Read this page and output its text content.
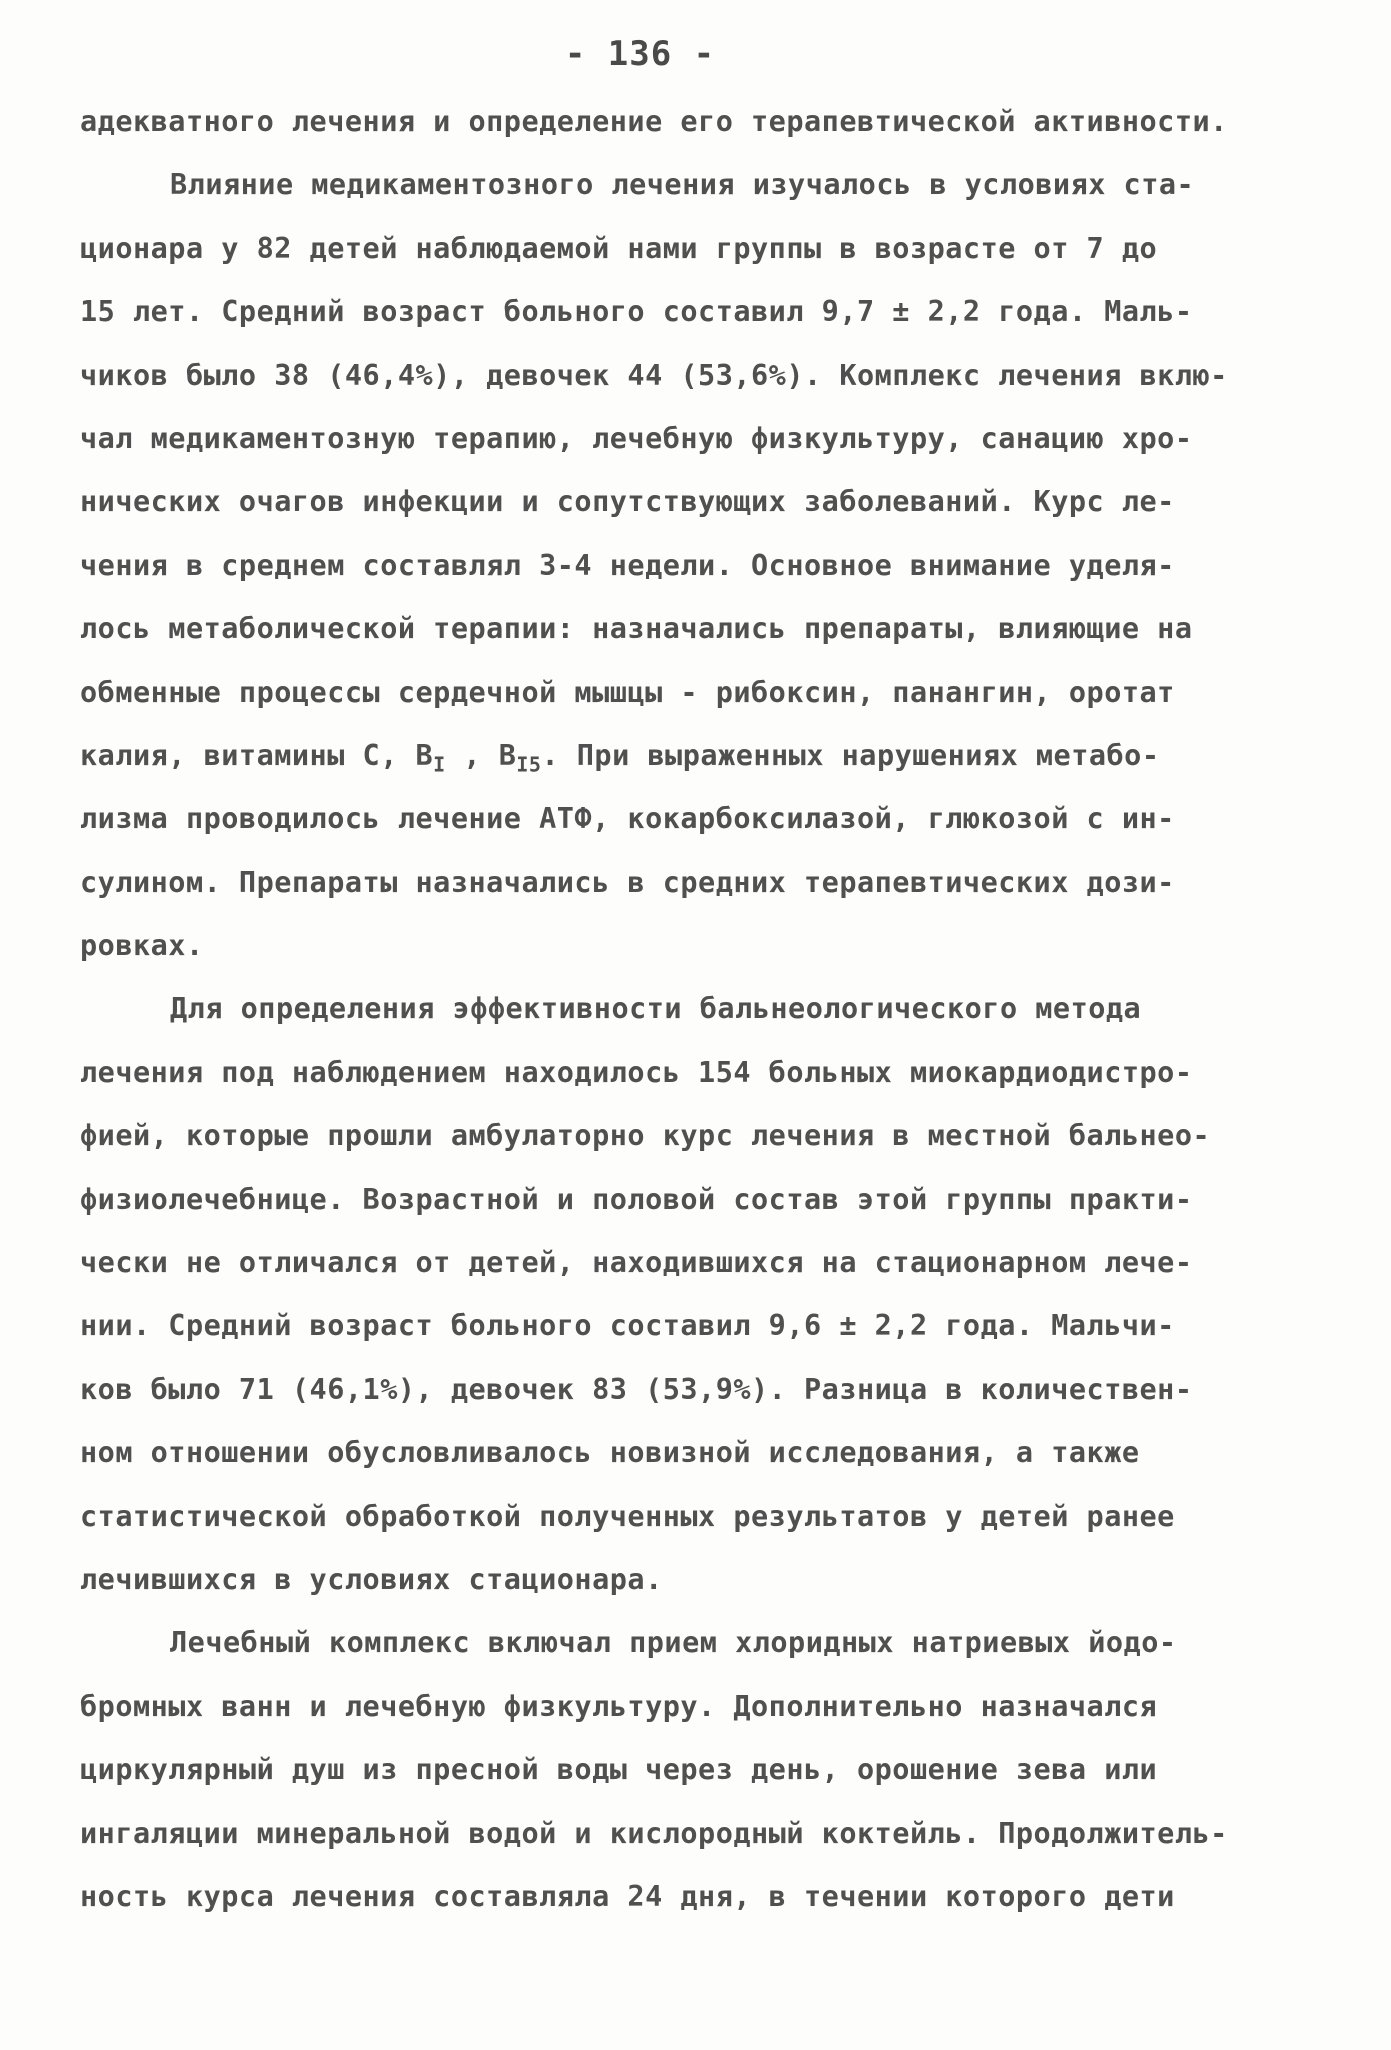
- 136 -
адекватного лечения и определение его терапевтической активности.
Влияние медикаментозного лечения изучалось в условиях ста-
ционара у 82 детей наблюдаемой нами группы в возрасте от 7 до
15 лет. Средний возраст больного составил 9,7 ± 2,2 года. Маль-
чиков было 38 (46,4%), девочек 44 (53,6%). Комплекс лечения вклю-
чал медикаментозную терапию, лечебную физкультуру, санацию хро-
нических очагов инфекции и сопутствующих заболеваний. Курс ле-
чения в среднем составлял 3-4 недели. Основное внимание уделя-
лось метаболической терапии: назначались препараты, влияющие на
обменные процессы сердечной мышцы - рибоксин, панангин, оротат
калия, витамины С, $B_I$ , $B_{I5}$. При выраженных нарушениях метабо-
лизма проводилось лечение АТФ, кокарбоксилазой, глюкозой с ин-
сулином. Препараты назначались в средних терапевтических дози-
ровках.
Для определения эффективности бальнеологического метода
лечения под наблюдением находилось 154 больных миокардиодистро-
фией, которые прошли амбулаторно курс лечения в местной бальнео-
физиолечебнице. Возрастной и половой состав этой группы практи-
чески не отличался от детей, находившихся на стационарном лече-
нии. Средний возраст больного составил 9,6 ± 2,2 года. Мальчи-
ков было 71 (46,1%), девочек 83 (53,9%). Разница в количествен-
ном отношении обусловливалось новизной исследования, а также
статистической обработкой полученных результатов у детей ранее
лечившихся в условиях стационара.
Лечебный комплекс включал прием хлоридных натриевых йодо-
бромных ванн и лечебную физкультуру. Дополнительно назначался
циркулярный душ из пресной воды через день, орошение зева или
ингаляции минеральной водой и кислородный коктейль. Продолжитель-
ность курса лечения составляла 24 дня, в течении которого дети
